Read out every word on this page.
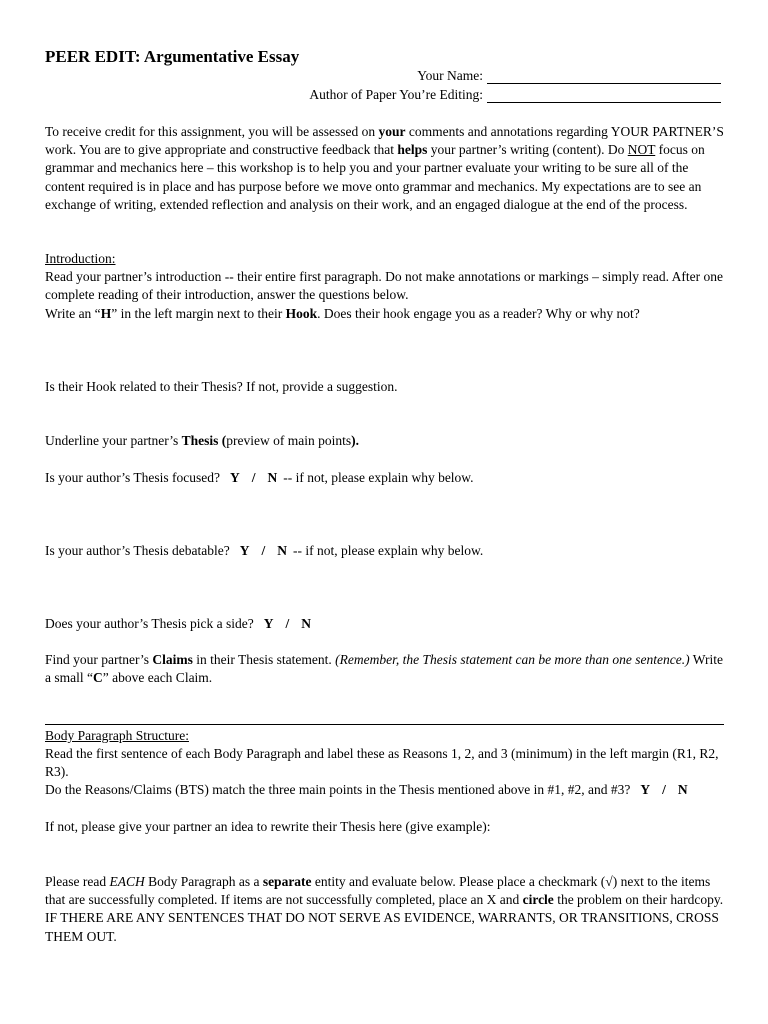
PEER EDIT: Argumentative Essay
Your Name:
Author of Paper You’re Editing:
To receive credit for this assignment, you will be assessed on your comments and annotations regarding YOUR PARTNER’S work. You are to give appropriate and constructive feedback that helps your partner’s writing (content). Do NOT focus on grammar and mechanics here – this workshop is to help you and your partner evaluate your writing to be sure all of the content required is in place and has purpose before we move onto grammar and mechanics. My expectations are to see an exchange of writing, extended reflection and analysis on their work, and an engaged dialogue at the end of the process.
Introduction:
Read your partner’s introduction -- their entire first paragraph. Do not make annotations or markings – simply read. After one complete reading of their introduction, answer the questions below.
Write an “H” in the left margin next to their Hook. Does their hook engage you as a reader? Why or why not?
Is their Hook related to their Thesis? If not, provide a suggestion.
Underline your partner’s Thesis (preview of main points).
Is your author’s Thesis focused? Y / N -- if not, please explain why below.
Is your author’s Thesis debatable? Y / N -- if not, please explain why below.
Does your author’s Thesis pick a side? Y / N
Find your partner’s Claims in their Thesis statement. (Remember, the Thesis statement can be more than one sentence.) Write a small “C” above each Claim.
Body Paragraph Structure:
Read the first sentence of each Body Paragraph and label these as Reasons 1, 2, and 3 (minimum) in the left margin (R1, R2, R3).
Do the Reasons/Claims (BTS) match the three main points in the Thesis mentioned above in #1, #2, and #3? Y / N
If not, please give your partner an idea to rewrite their Thesis here (give example):
Please read EACH Body Paragraph as a separate entity and evaluate below. Please place a checkmark (√) next to the items that are successfully completed. If items are not successfully completed, place an X and circle the problem on their hardcopy. IF THERE ARE ANY SENTENCES THAT DO NOT SERVE AS EVIDENCE, WARRANTS, OR TRANSITIONS, CROSS THEM OUT.
